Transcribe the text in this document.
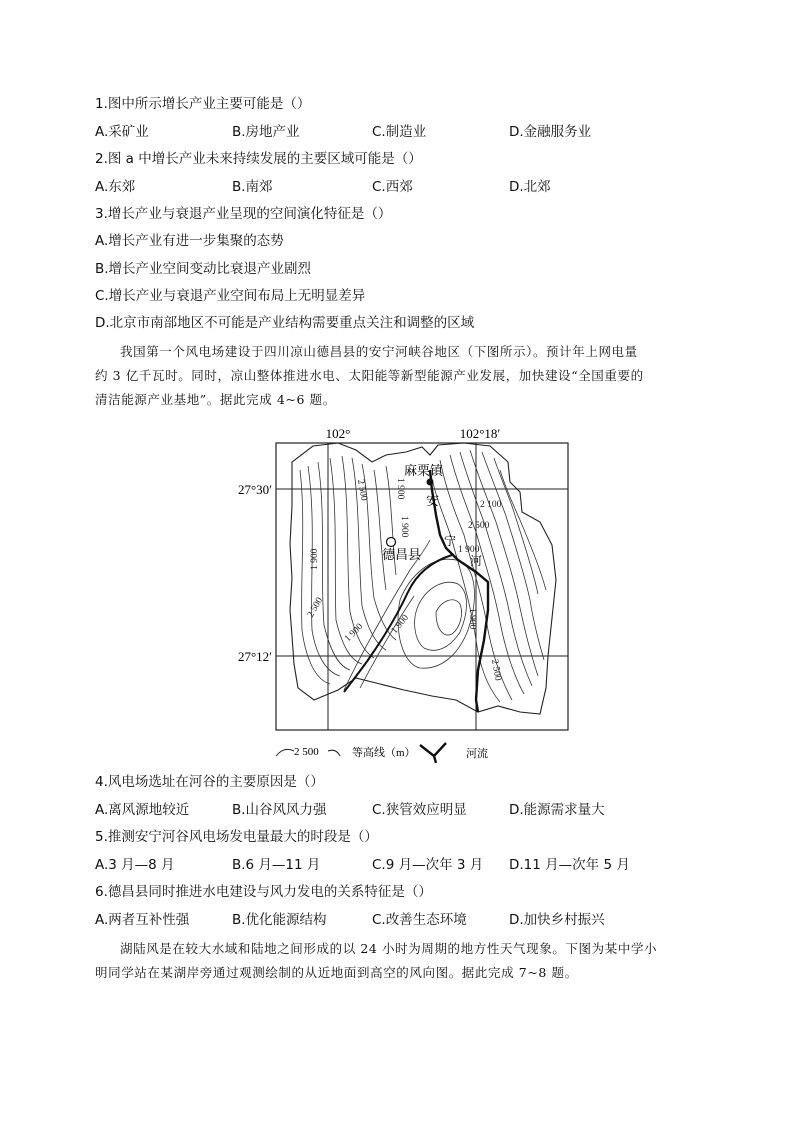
1.图中所示增长产业主要可能是（）
A.采矿业	B.房地产业	C.制造业	D.金融服务业
2.图 a 中增长产业未来持续发展的主要区域可能是（）
A.东郊	B.南郊	C.西郊	D.北郊
3.增长产业与衰退产业呈现的空间演化特征是（）
A.增长产业有进一步集聚的态势
B.增长产业空间变动比衰退产业剧烈
C.增长产业与衰退产业空间布局上无明显差异
D.北京市南部地区不可能是产业结构需要重点关注和调整的区域
我国第一个风电场建设于四川凉山德昌县的安宁河峡谷地区（下图所示）。预计年上网电量
约 3 亿千瓦时。同时，凉山整体推进水电、太阳能等新型能源产业发展，加快建设“全国重要的
清洁能源产业基地”。据此完成 4~6 题。
102°	102°18′
27°30′
27°12′
麻栗镇
德昌县
安
宁
河
2 500	1 900
1 900
2 100
2 500
1 900
1 900
2 500
1 900	1 900	1 900
2 500
2 500	等高线（m）	河流
4.风电场选址在河谷的主要原因是（）
A.离风源地较近	B.山谷风风力强	C.狭管效应明显	D.能源需求量大
5.推测安宁河谷风电场发电量最大的时段是（）
A.3 月—8 月	B.6 月—11 月	C.9 月—次年 3 月 D.11 月—次年 5 月
6.德昌县同时推进水电建设与风力发电的关系特征是（）
A.两者互补性强	B.优化能源结构	C.改善生态环境	D.加快乡村振兴
湖陆风是在较大水域和陆地之间形成的以 24 小时为周期的地方性天气现象。下图为某中学小
明同学站在某湖岸旁通过观测绘制的从近地面到高空的风向图。据此完成 7~8 题。
